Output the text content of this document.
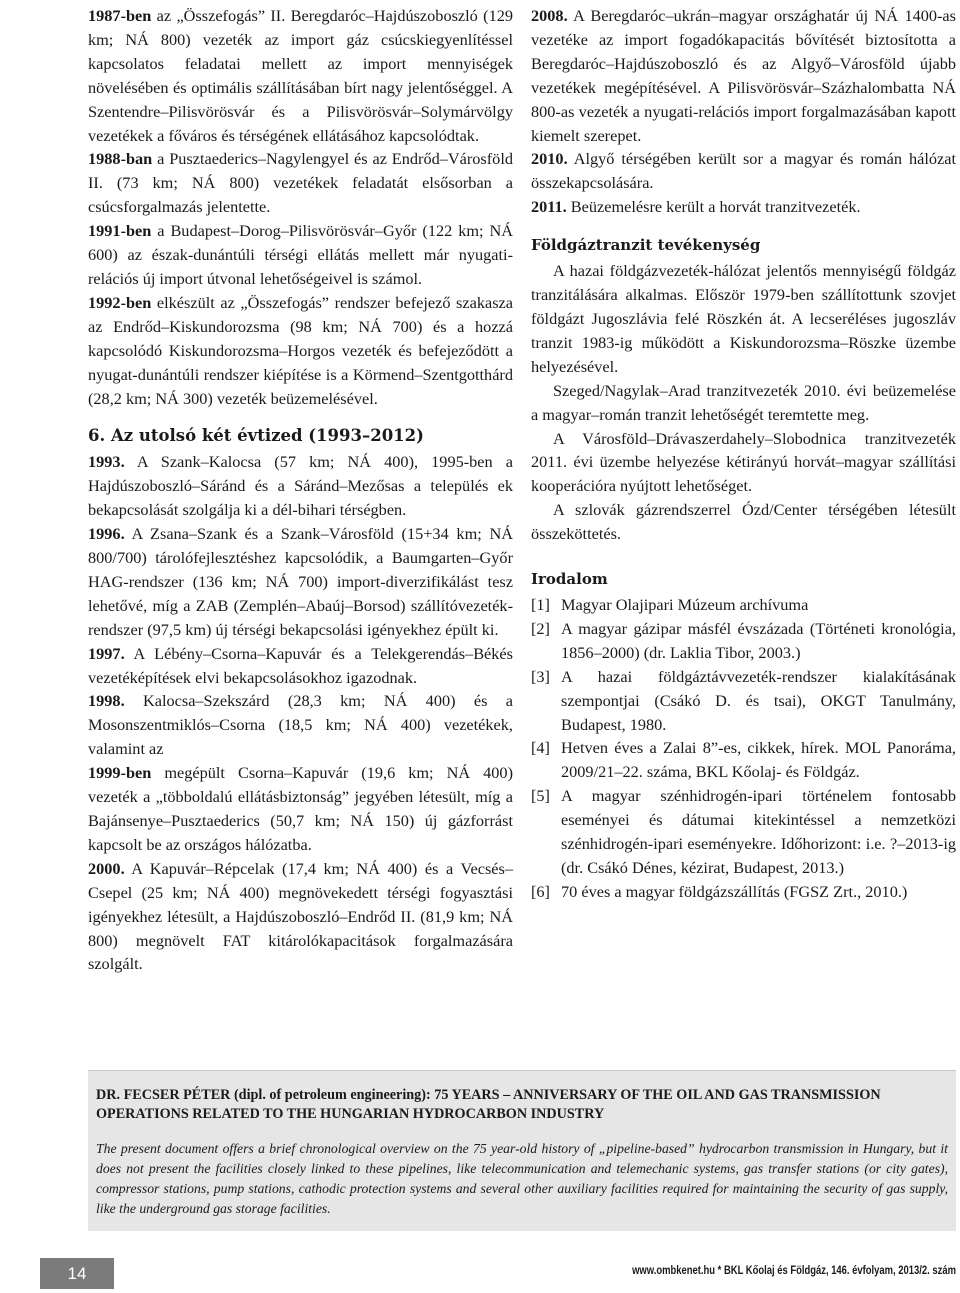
1987-ben az „Összefogás” II. Beregdaróc–Hajdúszoboszló (129 km; NÁ 800) vezeték az import gáz csúcskiegyenlítéssel kapcsolatos feladatai mellett az import mennyiségek növelésében és optimális szállításában bírt nagy jelentőséggel. A Szentendre–Pilisvörösvár és a Pilisvörösvár–Solymárvölgy vezetékek a főváros és térségének ellátásához kapcsolódtak.

1988-ban a Pusztaederics–Nagylengyel és az Endrőd–Városföld II. (73 km; NÁ 800) vezetékek feladatát elsősorban a csúcsforgalmazás jelentette.

1991-ben a Budapest–Dorog–Pilisvörösvár–Győr (122 km; NÁ 600) az észak-dunántúli térségi ellátás mellett már nyugati-relációs új import útvonal lehetőségeivel is számol.

1992-ben elkészült az „Összefogás” rendszer befejező szakasza az Endrőd–Kiskundorozsma (98 km; NÁ 700) és a hozzá kapcsolódó Kiskundorozsma–Horgos vezeték és befejeződött a nyugat-dunántúli rendszer kiépítése is a Körmend–Szentgotthárd (28,2 km; NÁ 300) vezeték beüzemelésével.

6. Az utolsó két évtized (1993–2012)

1993. A Szank–Kalocsa (57 km; NÁ 400), 1995-ben a Hajdúszoboszló–Sáránd és a Sáránd–Mezősas a település ek bekapcsolását szolgálja ki a dél-bihari térségben.

1996. A Zsana–Szank és a Szank–Városföld (15+34 km; NÁ 800/700) tárolófejlesztéshez kapcsolódik, a Baumgarten–Győr HAG-rendszer (136 km; NÁ 700) import-diverzifikálást tesz lehetővé, míg a ZAB (Zemplén–Abaúj–Borsod) szállítóvezeték-rendszer (97,5 km) új térségi bekapcsolási igényekhez épült ki.

1997. A Lébény–Csorna–Kapuvár és a Telekgerendás–Békés vezetéképítések elvi bekapcsolásokhoz igazodnak.

1998. Kalocsa–Szekszárd (28,3 km; NÁ 400) és a Mosonszentmiklós–Csorna (18,5 km; NÁ 400) vezetékek, valamint az

1999-ben megépült Csorna–Kapuvár (19,6 km; NÁ 400) vezeték a „többoldalú ellátásbiztonság” jegyében létesült, míg a Bajánsenye–Pusztaederics (50,7 km; NÁ 150) új gázforrást kapcsolt be az országos hálózatba.

2000. A Kapuvár–Répcelak (17,4 km; NÁ 400) és a Vecsés–Csepel (25 km; NÁ 400) megnövekedett térségi fogyasztási igényekhez létesült, a Hajdúszoboszló–Endrőd II. (81,9 km; NÁ 800) megnövelt FAT kitárolókapacitások forgalmazására szolgált.

2008. A Beregdaróc–ukrán–magyar országhatár új NÁ 1400-as vezetéke az import fogadókapacitás bővítését biztosította a Beregdaróc–Hajdúszoboszló és az Algyő–Városföld újabb vezetékek megépítésével. A Pilisvörösvár–Százhalombatta NÁ 800-as vezeték a nyugati-relációs import forgalmazásában kapott kiemelt szerepet.

2010. Algyő térségében került sor a magyar és román hálózat összekapcsolására.

2011. Beüzemelésre került a horvát tranzitvezeték.

Földgáztranzit tevékenység

A hazai földgázvezeték-hálózat jelentős mennyiségű földgáz tranzitálására alkalmas. Először 1979-ben szállítottunk szovjet földgázt Jugoszlávia felé Röszkén át. A lecseréléses jugoszláv tranzit 1983-ig működött a Kiskundorozsma–Röszke üzembe helyezésével.

Szeged/Nagylak–Arad tranzitvezeték 2010. évi beüzemelése a magyar–román tranzit lehetőségét teremtette meg.

A Városföld–Drávaszerdahely–Slobodnica tranzitvezeték 2011. évi üzembe helyezése kétirányú horvát–magyar szállítási kooperációra nyújtott lehetőséget.

A szlovák gázrendszerrel Ózd/Center térségében létesült összeköttetés.

Irodalom
[1] Magyar Olajipari Múzeum archívuma
[2] A magyar gázipar másfél évszázada (Történeti kronológia, 1856–2000) (dr. Laklia Tibor, 2003.)
[3] A hazai földgáztávvezeték-rendszer kialakításának szempontjai (Csákó D. és tsai), OKGT Tanulmány, Budapest, 1980.
[4] Hetven éves a Zalai 8”-es, cikkek, hírek. MOL Panoráma, 2009/21–22. száma, BKL Kőolaj- és Földgáz.
[5] A magyar szénhidrogén-ipari történelem fontosabb eseményei és dátumai kitekintéssel a nemzetközi szénhidrogén-ipari eseményekre. Időhorizont: i.e. ?–2013-ig (dr. Csákó Dénes, kézirat, Budapest, 2013.)
[6] 70 éves a magyar földgázszállítás (FGSZ Zrt., 2010.)
DR. FECSER PÉTER (dipl. of petroleum engineering): 75 YEARS – ANNIVERSARY OF THE OIL AND GAS TRANSMISSION OPERATIONS RELATED TO THE HUNGARIAN HYDROCARBON INDUSTRY
The present document offers a brief chronological overview on the 75 year-old history of „pipeline-based” hydrocarbon transmission in Hungary, but it does not present the facilities closely linked to these pipelines, like telecommunication and telemechanic systems, gas transfer stations (or city gates), compressor stations, pump stations, cathodic protection systems and several other auxiliary facilities required for maintaining the security of gas supply, like the underground gas storage facilities.
14	www.ombkenet.hu * BKL Kőolaj és Földgáz, 146. évfolyam, 2013/2. szám
